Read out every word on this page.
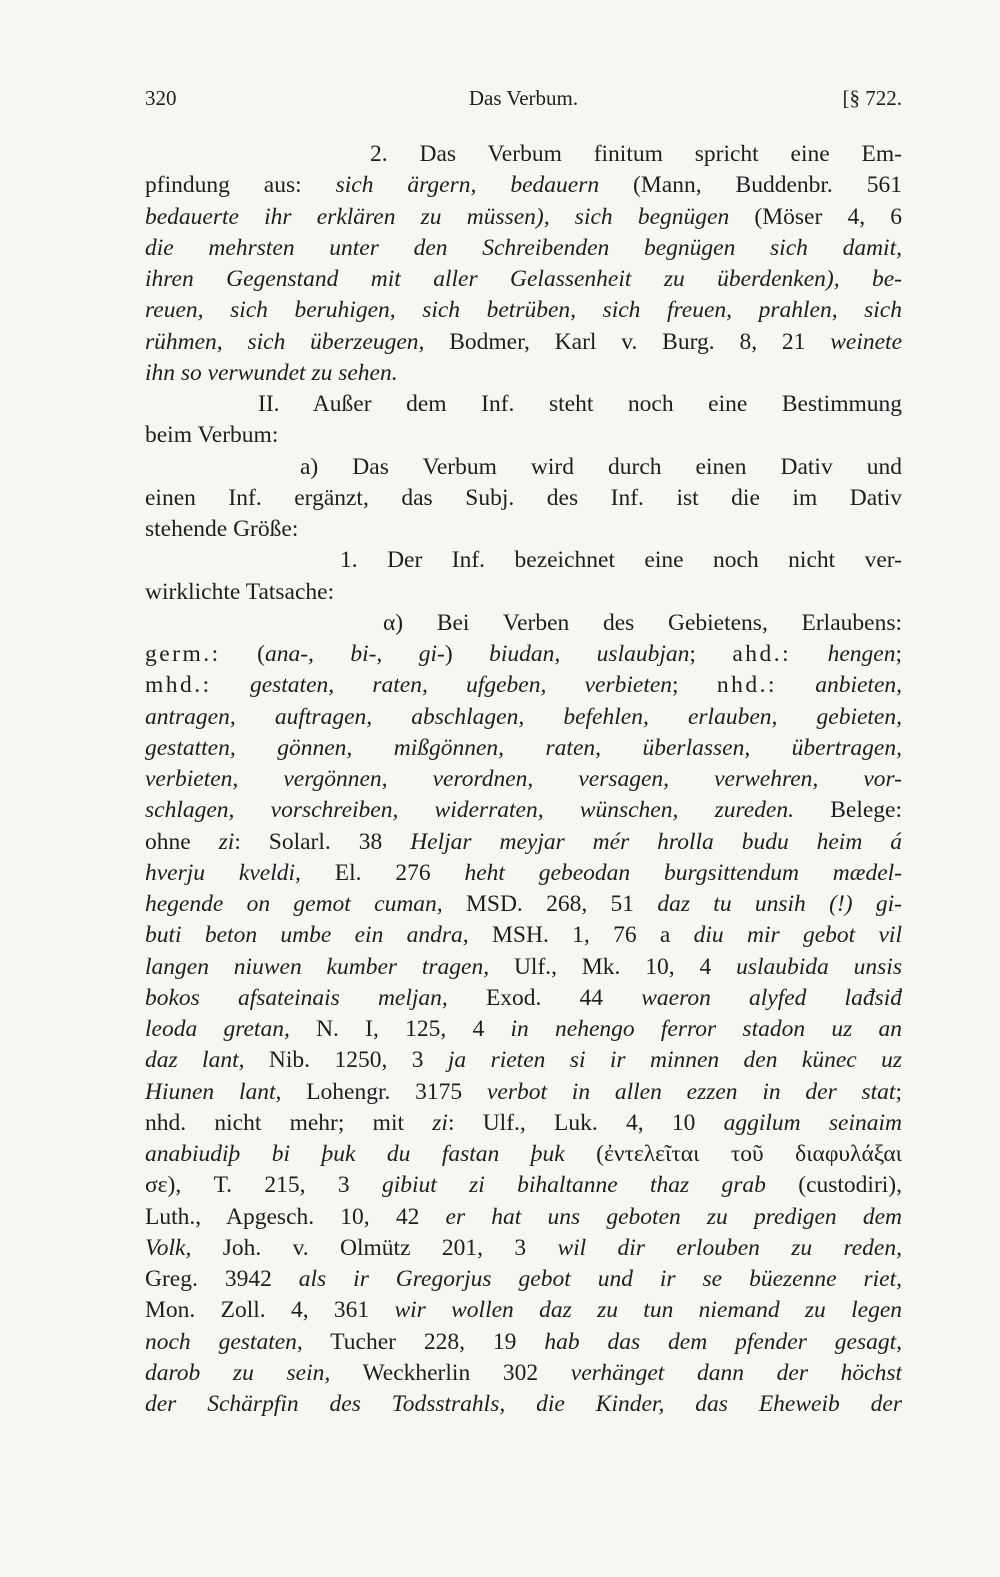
320	Das Verbum.	[§ 722.
2. Das Verbum finitum spricht eine Em-
pfindung aus: sich ärgern, bedauern (Mann, Buddenbr. 561
bedauerte ihr erklären zu müssen), sich begnügen (Möser 4, 6
die mehrsten unter den Schreibenden begnügen sich damit,
ihren Gegenstand mit aller Gelassenheit zu überdenken), be-
reuen, sich beruhigen, sich betrüben, sich freuen, prahlen, sich
rühmen, sich überzeugen, Bodmer, Karl v. Burg. 8, 21 weinete
ihn so verwundet zu sehen.
II. Außer dem Inf. steht noch eine Bestimmung
beim Verbum:
a) Das Verbum wird durch einen Dativ und
einen Inf. ergänzt, das Subj. des Inf. ist die im Dativ
stehende Größe:
1. Der Inf. bezeichnet eine noch nicht ver-
wirklichte Tatsache:
α) Bei Verben des Gebietens, Erlaubens:
germ.: (ana-, bi-, gi-) biudan, uslaubjan; ahd.: hengen;
mhd.: gestaten, raten, ufgeben, verbieten; nhd.: anbieten,
antragen, auftragen, abschlagen, befehlen, erlauben, gebieten,
gestatten, gönnen, mißgönnen, raten, überlassen, übertragen,
verbieten, vergönnen, verordnen, versagen, verwehren, vor-
schlagen, vorschreiben, widerraten, wünschen, zureden. Belege:
ohne zi: Solarl. 38 Heljar meyjar mér hrolla budu heim á
hverju kveldi, El. 276 heht gebeodan burgsittendum mædel-
hegende on gemot cuman, MSD. 268, 51 daz tu unsih (!) gi-
buti beton umbe ein andra, MSH. 1, 76 a diu mir gebot vil
langen niuwen kumber tragen, Ulf., Mk. 10, 4 uslaubida unsis
bokos afsateinais meljan, Exod. 44 waeron alyfed lađsiđ
leoda gretan, N. I, 125, 4 in nehengo ferror stadon uz an
daz lant, Nib. 1250, 3 ja rieten si ir minnen den künec uz
Hiunen lant, Lohengr. 3175 verbot in allen ezzen in der stat;
nhd. nicht mehr; mit zi: Ulf., Luk. 4, 10 aggilum seinaim
anabiudiþ bi þuk du fastan þuk (ἐντελεῖται τοῦ διαφυλάξαι
σε), T. 215, 3 gibiut zi bihaltanne thaz grab (custodiri),
Luth., Apgesch. 10, 42 er hat uns geboten zu predigen dem
Volk, Joh. v. Olmütz 201, 3 wil dir erlouben zu reden,
Greg. 3942 als ir Gregorjus gebot und ir se büezenne riet,
Mon. Zoll. 4, 361 wir wollen daz zu tun niemand zu legen
noch gestaten, Tucher 228, 19 hab das dem pfender gesagt,
darob zu sein, Weckherlin 302 verhänget dann der höchst
der Schärpfin des Todsstrahls, die Kinder, das Eheweib der
